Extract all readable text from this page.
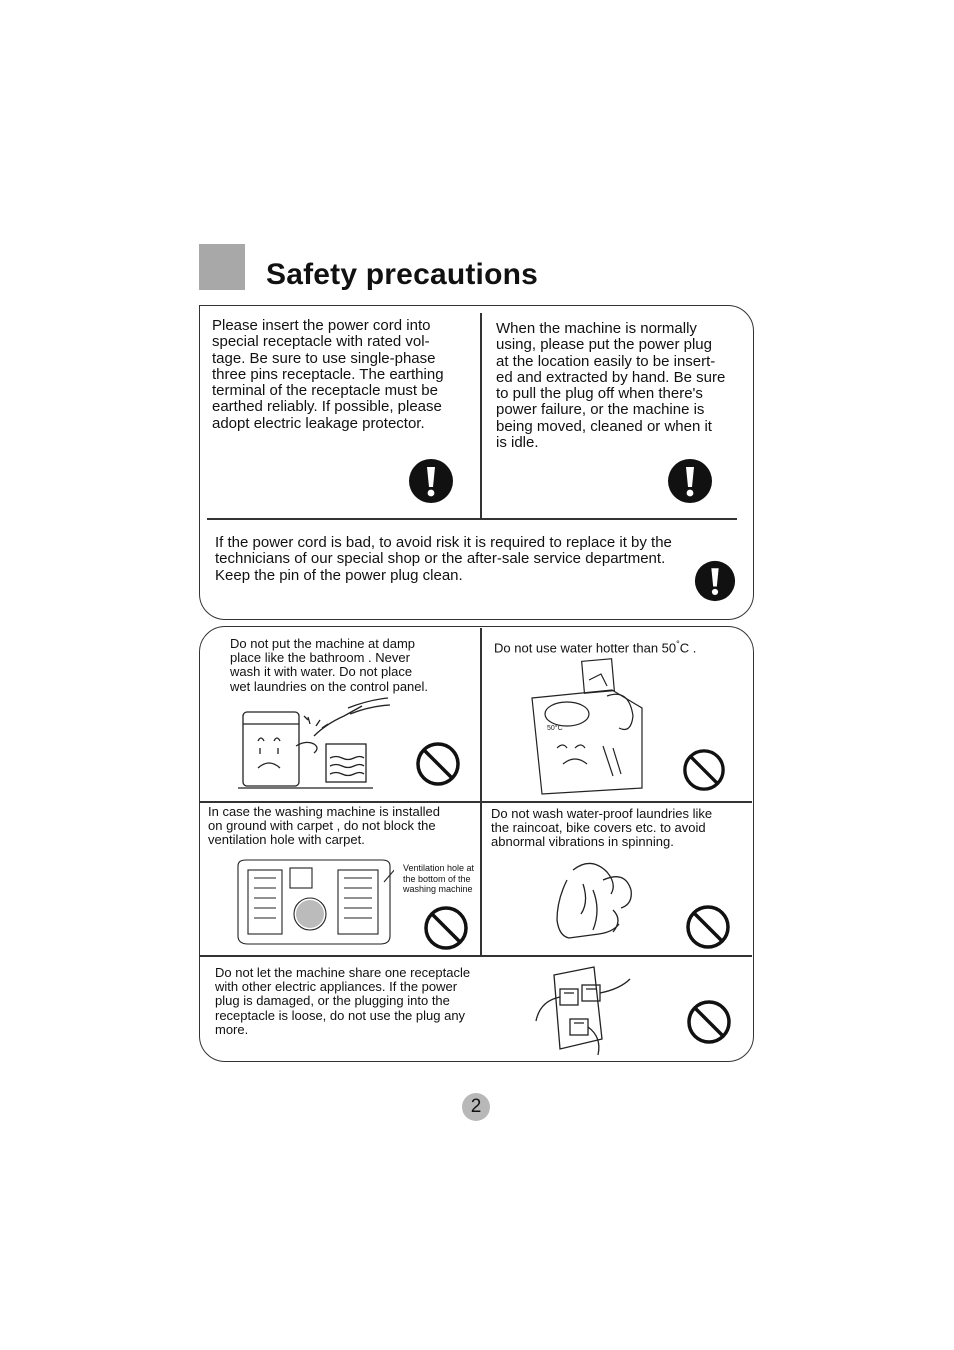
Safety precautions
Please insert the power cord into
special receptacle with rated vol-
tage. Be sure to use single-phase
three pins receptacle. The earthing
terminal of the receptacle must be
earthed reliably. If possible, please
adopt electric leakage protector.
When the machine is normally
using, please put the power plug
at the location easily to be insert-
ed and extracted by hand. Be sure
to pull the plug off when there's
power failure, or the machine is
being moved, cleaned or when it
is idle.
If the power cord is bad, to avoid risk it is required to replace it by the
technicians of our special shop or the after-sale service department.
Keep the pin of the power plug clean.
Do not put the machine at damp
place like the bathroom . Never
wash it with water. Do not place
wet laundries on the control panel.
Do not use water hotter than 50°C .
50°C
In case the washing machine is installed
on ground with carpet , do not block the
ventilation hole with carpet.
Ventilation hole at
the bottom of the
washing machine
Do not wash water-proof laundries like
the raincoat, bike covers etc. to avoid
abnormal vibrations in spinning.
Do not let the machine share one receptacle
with other electric appliances. If the power
plug is damaged, or the plugging into the
receptacle is loose, do not use the plug any
more.
2
